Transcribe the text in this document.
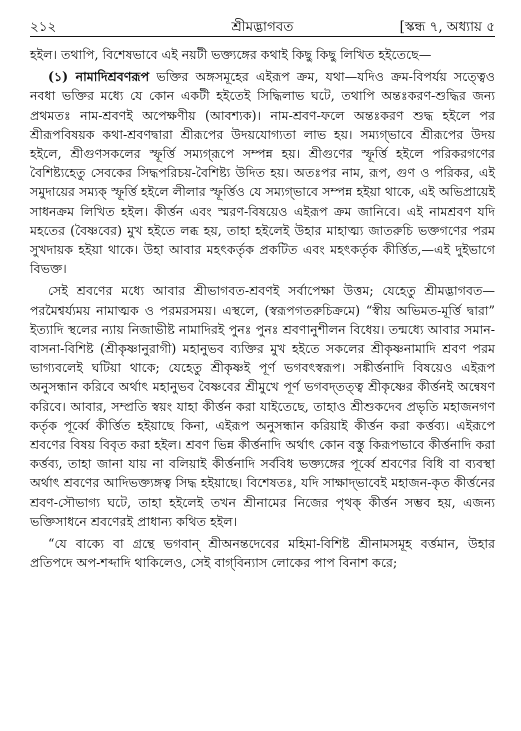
২১২	শ্রীমদ্ভাগবত	[স্কন্ধ ৭, অধ্যায় ৫

হইল। তথাপি, বিশেষভাবে এই নয়টী ভক্ত্যঙ্গের কথাই কিছু কিছু লিখিত হইতেছে—

(১) নামাদিশ্রবণরূপ ভক্তির অঙ্গসমূহের এইরূপ ক্রম, যথা—যদিও ক্রম-বিপর্যয় সত্ত্বেও নবধা ভক্তির মধ্যে যে কোন একটী হইতেই সিদ্ধিলাভ ঘটে, তথাপি অন্তঃকরণ-শুদ্ধির জন্য প্রথমতঃ নাম-শ্রবণই অপেক্ষণীয় (আবশ্যক)। নাম-শ্রবণ-ফলে অন্তঃকরণ শুদ্ধ হইলে পর শ্রীরূপবিষয়ক কথা-শ্রবণদ্বারা শ্রীরূপের উদয়যোগ্যতা লাভ হয়। সম্যগ্‌ভাবে শ্রীরূপের উদয় হইলে, শ্রীগুণসকলের স্ফূর্ত্তি সম্যগ্‌রূপে সম্পন্ন হয়। শ্রীগুণের স্ফূর্ত্তি হইলে পরিকরগণের বৈশিষ্ট্যহেতু সেবকের সিদ্ধপরিচয়-বৈশিষ্ট্য উদিত হয়। অতঃপর নাম, রূপ, গুণ ও পরিকর, এই সমুদায়ের সম্যক্‌ স্ফূর্ত্তি হইলে লীলার স্ফূর্ত্তিও যে সম্যগ্‌ভাবে সম্পন্ন হইয়া থাকে, এই অভিপ্রায়েই সাধনক্রম লিখিত হইল। কীর্ত্তন এবং স্মরণ-বিষয়েও এইরূপ ক্রম জানিবে। এই নামশ্রবণ যদি মহতের (বৈষ্ণবের) মুখ হইতে লব্ধ হয়, তাহা হইলেই উহার মাহাত্ম্য জাতরুচি ভক্তগণের পরম সুখদায়ক হইয়া থাকে। উহা আবার মহৎকর্তৃক প্রকটিত এবং মহৎকর্তৃক কীর্ত্তিত,—এই দুইভাগে বিভক্ত।

সেই শ্রবণের মধ্যে আবার শ্রীভাগবত-শ্রবণই সর্বাপেক্ষা উত্তম; যেহেতু শ্রীমদ্ভাগবত—পরমৈশ্বর্য্যময় নামাত্মক ও পরমরসময়। এস্থলে, (স্বরূপগতরুচিক্রমে) “স্বীয় অভিমত-মূর্ত্তি দ্বারা” ইত্যাদি স্থলের ন্যায় নিজাভীষ্ট নামাদিরই পুনঃ পুনঃ শ্রবণানুশীলন বিধেয়। তন্মধ্যে আবার সমান-বাসনা-বিশিষ্ট (শ্রীকৃষ্ণানুরাগী) মহানুভব ব্যক্তির মুখ হইতে সকলের শ্রীকৃষ্ণনামাদি শ্রবণ পরম ভাগ্যবলেই ঘটিয়া থাকে; যেহেতু শ্রীকৃষ্ণই পূর্ণ ভগবৎস্বরূপ। সঙ্কীর্ত্তনাদি বিষয়েও এইরূপ অনুসন্ধান করিবে অর্থাৎ মহানুভব বৈষ্ণবের শ্রীমুখে পূর্ণ ভগবদ্‌তত্ত্ব শ্রীকৃষ্ণের কীর্ত্তনই অন্বেষণ করিবে। আবার, সম্প্রতি স্বয়ং যাহা কীর্ত্তন করা যাইতেছে, তাহাও শ্রীশুকদেব প্রভৃতি মহাজনগণ কর্তৃক পূর্ব্বে কীর্ত্তিত হইয়াছে কিনা, এইরূপ অনুসন্ধান করিয়াই কীর্ত্তন করা কর্ত্তব্য। এইরূপে শ্রবণের বিষয় বিবৃত করা হইল। শ্রবণ ভিন্ন কীর্ত্তনাদি অর্থাৎ কোন বস্তু কিরূপভাবে কীর্ত্তনাদি করা কর্ত্তব্য, তাহা জানা যায় না বলিয়াই কীর্ত্তনাদি সর্ববিধ ভক্ত্যঙ্গের পূর্ব্বে শ্রবণের বিধি বা ব্যবস্থা অর্থাৎ শ্রবণের আদিভক্ত্যঙ্গত্ব সিদ্ধ হইয়াছে। বিশেষতঃ, যদি সাক্ষাদ্‌ভাবেই মহাজন-কৃত কীর্ত্তনের শ্রবণ-সৌভাগ্য ঘটে, তাহা হইলেই তখন শ্রীনামের নিজের পৃথক্‌ কীর্ত্তন সম্ভব হয়, এজন্য ভক্তিসাধনে শ্রবণেরই প্রাধান্য কথিত হইল।

“যে বাক্যে বা গ্রন্থে ভগবান্‌ শ্রীঅনন্তদেবের মহিমা-বিশিষ্ট শ্রীনামসমূহ বর্ত্তমান, উহার প্রতিপদে অপ-শব্দাদি থাকিলেও, সেই বাগ্‌বিন্যাস লোকের পাপ বিনাশ করে;
